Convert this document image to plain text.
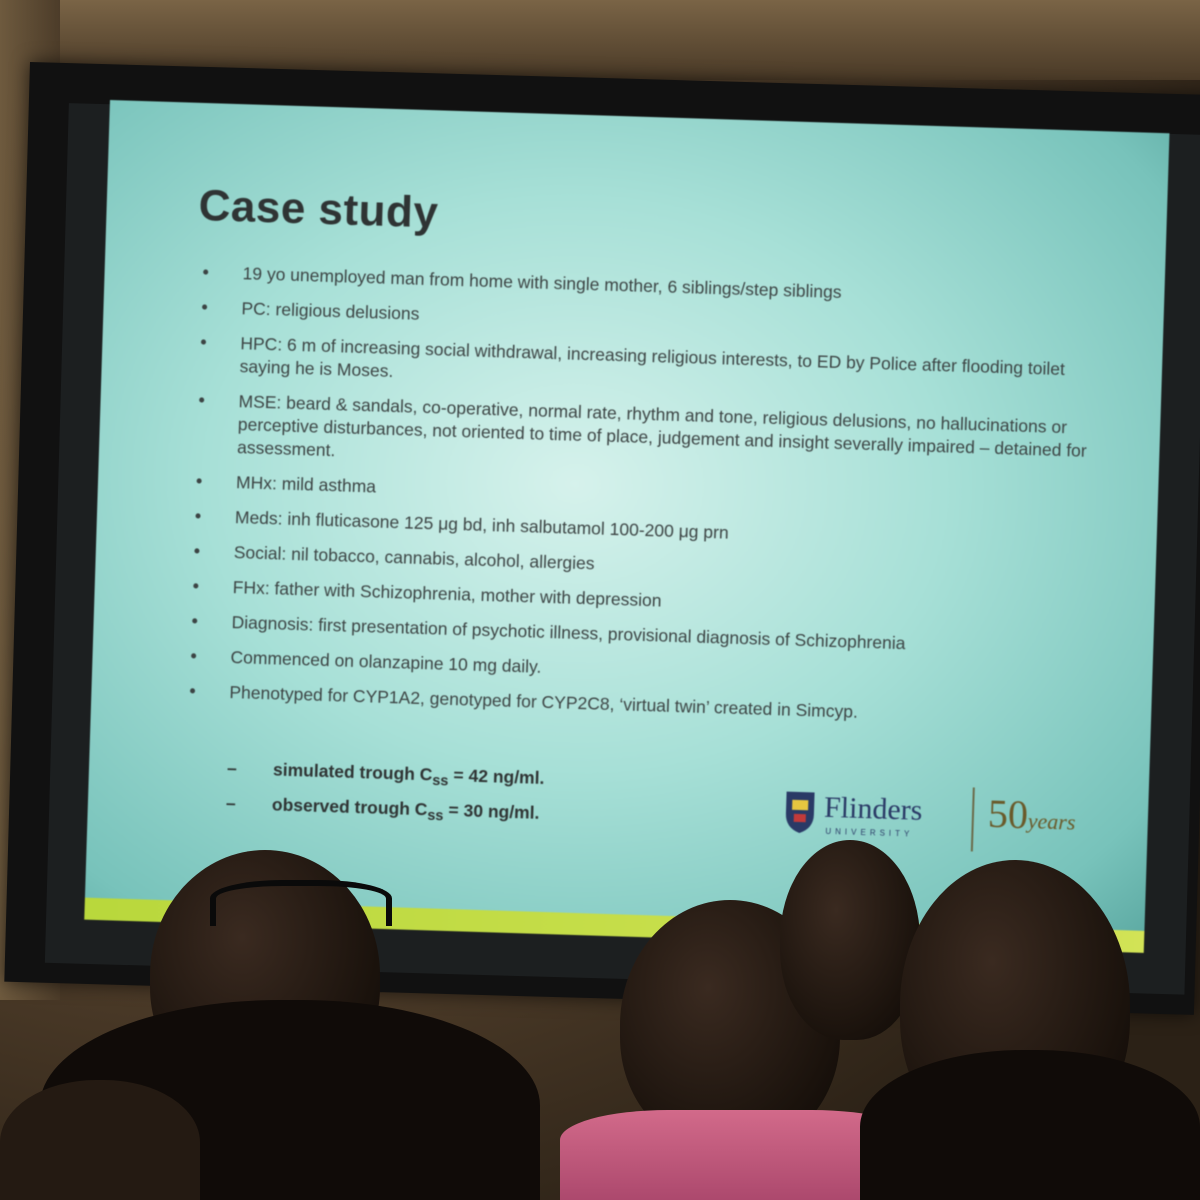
Case study
• 19 yo unemployed man from home with single mother, 6 siblings/step siblings
• PC: religious delusions
• HPC: 6 m of increasing social withdrawal, increasing religious interests, to ED by Police after flooding toilet saying he is Moses.
• MSE: beard & sandals, co-operative, normal rate, rhythm and tone, religious delusions, no hallucinations or perceptive disturbances, not oriented to time of place, judgement and insight severally impaired – detained for assessment.
• MHx: mild asthma
• Meds: inh fluticasone 125 μg bd, inh salbutamol 100-200 μg prn
• Social: nil tobacco, cannabis, alcohol, allergies
• FHx: father with Schizophrenia, mother with depression
• Diagnosis: first presentation of psychotic illness, provisional diagnosis of Schizophrenia
• Commenced on olanzapine 10 mg daily.
• Phenotyped for CYP1A2, genotyped for CYP2C8, ‘virtual twin’ created in Simcyp.
– simulated trough $C_{ss} = 42$ ng/ml.
– observed trough $C_{ss} = 30$ ng/ml.	Flinders
UNIVERSITY 50years
